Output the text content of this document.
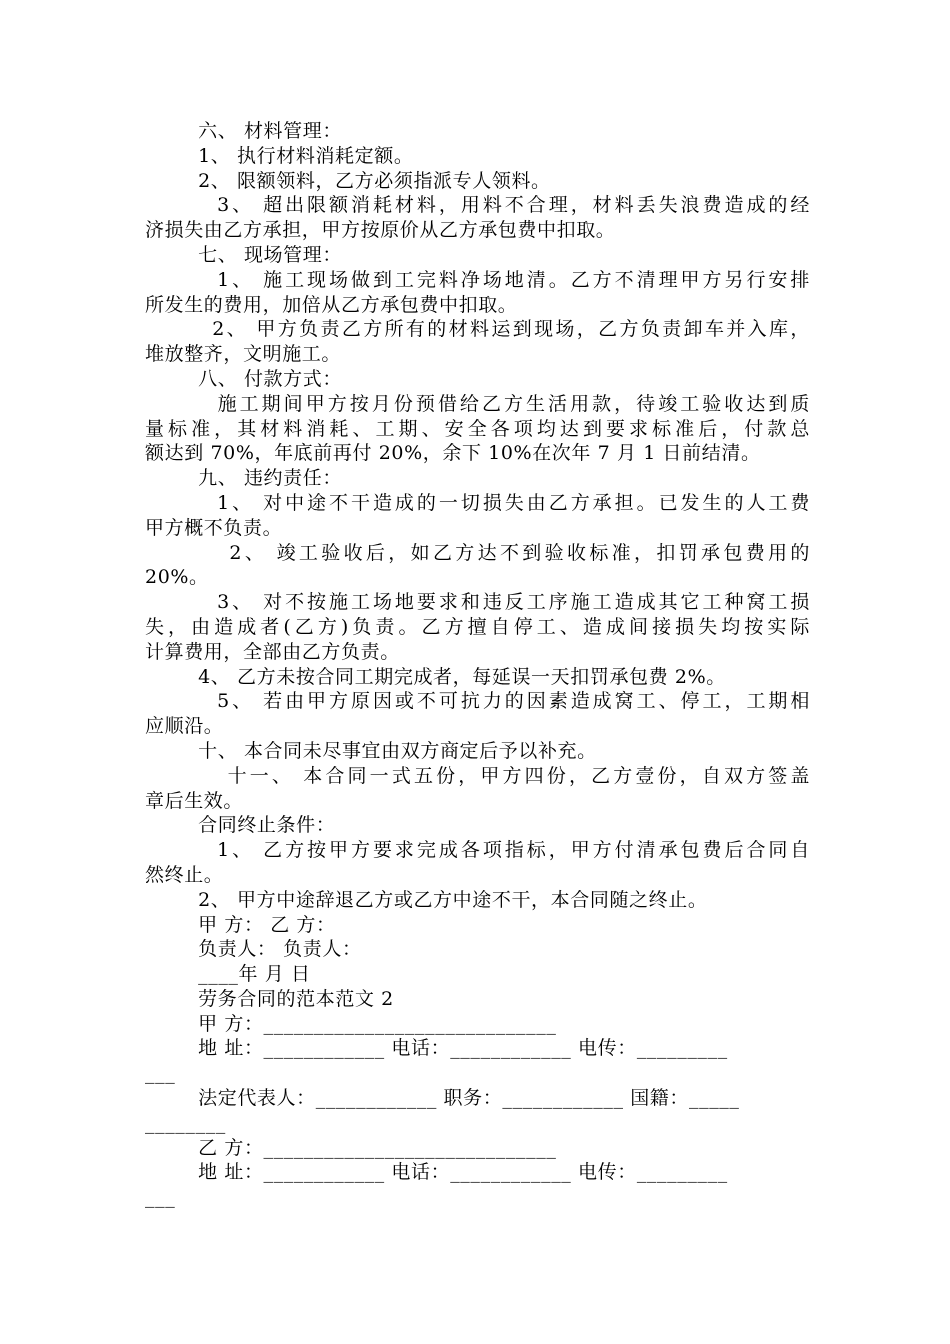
六、 材料管理：
1、 执行材料消耗定额。
2、 限额领料，乙方必须指派专人领料。
3、 超出限额消耗材料，用料不合理，材料丢失浪费造成的经
济损失由乙方承担，甲方按原价从乙方承包费中扣取。
七、 现场管理：
1、 施工现场做到工完料净场地清。乙方不清理甲方另行安排
所发生的费用，加倍从乙方承包费中扣取。
2、 甲方负责乙方所有的材料运到现场，乙方负责卸车并入库，
堆放整齐，文明施工。
八、 付款方式：
施工期间甲方按月份预借给乙方生活用款，待竣工验收达到质
量标准，其材料消耗、工期、安全各项均达到要求标准后，付款总
额达到 70%，年底前再付 20%，余下 10%在次年 7 月 1 日前结清。
九、 违约责任：
1、 对中途不干造成的一切损失由乙方承担。已发生的人工费
甲方概不负责。
2、 竣工验收后，如乙方达不到验收标准，扣罚承包费用的
20%。
3、 对不按施工场地要求和违反工序施工造成其它工种窝工损
失，由造成者(乙方)负责。乙方擅自停工、造成间接损失均按实际
计算费用，全部由乙方负责。
4、 乙方未按合同工期完成者，每延误一天扣罚承包费 2%。
5、 若由甲方原因或不可抗力的因素造成窝工、停工，工期相
应顺沿。
十、 本合同未尽事宜由双方商定后予以补充。
十一、 本合同一式五份，甲方四份，乙方壹份，自双方签盖
章后生效。
合同终止条件：
1、 乙方按甲方要求完成各项指标，甲方付清承包费后合同自
然终止。
2、 甲方中途辞退乙方或乙方中途不干，本合同随之终止。
甲 方： 乙 方：
负责人： 负责人：
____年 月 日
劳务合同的范本范文 2
甲 方：_____________________________
地 址：____________ 电话：____________ 电传：_________
___
法定代表人：____________ 职务：____________ 国籍：_____
________
乙 方：_____________________________
地 址：____________ 电话：____________ 电传：_________
___
